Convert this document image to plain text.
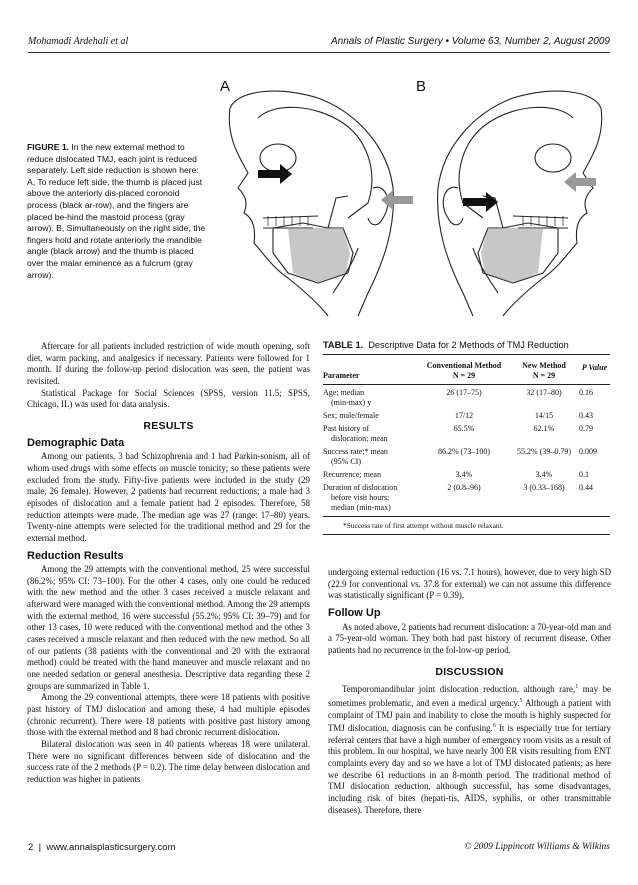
Mohamadi Ardehali et al	Annals of Plastic Surgery • Volume 63, Number 2, August 2009
FIGURE 1. In the new external method to reduce dislocated TMJ, each joint is reduced separately. Left side reduction is shown here: A, To reduce left side, the thumb is placed just above the anteriorly dis-placed coronoid process (black ar-row), and the fingers are placed be-hind the mastoid process (gray arrow). B, Simultaneously on the right side, the fingers hold and rotate anteriorly the mandible angle (black arrow) and the thumb is placed over the malar eminence as a fulcrum (gray arrow).
A	B

Aftercare for all patients included restriction of wide mouth opening, soft diet, warm packing, and analgesics if necessary. Patients were followed for 1 month. If during the follow-up period dislocation was seen, the patient was revisited.

Statistical Package for Social Sciences (SPSS, version 11.5; SPSS, Chicago, IL) was used for data analysis.

RESULTS
Demographic Data

Among our patients, 3 had Schizophrenia and 1 had Parkin-sonism, all of whom used drugs with some effects on muscle tonicity; so these patients were excluded from the study. Fifty-five patients were included in the study (29 male, 26 female). However, 2 patients had recurrent reductions; a male had 3 episodes of dislocation and a female patient had 2 episodes. Therefore, 58 reduction attempts were made. The median age was 27 (range: 17–80) years. Twenty-nine attempts were selected for the traditional method and 29 for the external method.

Reduction Results

Among the 29 attempts with the conventional method, 25 were successful (86.2%; 95% CI: 73–100). For the other 4 cases, only one could be reduced with the new method and the other 3 cases received a muscle relaxant and afterward were managed with the conventional method. Among the 29 attempts with the external method, 16 were successful (55.2%; 95% CI: 39–79) and for other 13 cases, 10 were reduced with the conventional method and the other 3 cases received a muscle relaxant and then reduced with the new method. So all of our patients (38 patients with the conventional and 20 with the extraoral method) could be treated with the hand maneuver and muscle relaxant and no one needed sedation or general anesthesia. Descriptive data regarding these 2 groups are summarized in Table 1.

Among the 29 conventional attempts, there were 18 patients with positive past history of TMJ dislocation and among these, 4 had multiple episodes (chronic recurrent). There were 18 patients with positive past history among those with the external method and 8 had chronic recurrent dislocation.

Bilateral dislocation was seen in 40 patients whereas 18 were unilateral. There were no significant differences between side of dislocation and the success rate of the 2 methods (P = 0.2). The time delay between dislocation and reduction was higher in patients

TABLE 1. Descriptive Data for 2 Methods of TMJ Reduction
Parameter	Conventional Method	New Method	P Value
	N = 29	N = 29	

Age; median
(min-max) y	26 (17–75)	32 (17–80)	0.16

Sex; male/female	17/12	14/15	0.43

Past history of
dislocation; mean	65.5%	62.1%	0.79

Success rate;* mean
(95% CI)	86.2% (73–100)	55.2% (39–0.79)	0.009

Recurrence; mean	3.4%	3.4%	0.1

Duration of dislocation
before visit hours;
median (min-max)	2 (0.8–96)	3 (0.33–168)	0.44
*Success rate of first attempt without muscle relaxant.

undergoing external reduction (16 vs. 7.1 hours), however, due to very high SD (22.9 for conventional vs. 37.8 for external) we can not assume this difference was statistically significant (P = 0.39).

Follow Up

As noted above, 2 patients had recurrent dislocation: a 70-year-old man and a 75-year-old woman. They both had past history of recurrent disease. Other patients had no recurrence in the fol-low-up period.

DISCUSSION

Temporomandibular joint dislocation reduction, although rare,$^1$ may be sometimes problematic, and even a medical urgency.$^5$ Although a patient with complaint of TMJ pain and inability to close the mouth is highly suspected for TMJ dislocation, diagnosis can be confusing.$^6$ It is especially true for tertiary referral centers that have a high number of emergency room visits as a result of this problem. In our hospital, we have nearly 300 ER visits resulting from ENT complaints every day and so we have a lot of TMJ dislocated patients; as here we describe 61 reductions in an 8-month period. The traditional method of TMJ dislocation reduction, although successful, has some disadvantages, including risk of bites (hepati-tis, AIDS, syphilis, or other transmittable diseases). Therefore, there

2 | www.annalsplasticsurgery.com	© 2009 Lippincott Williams & Wilkins
